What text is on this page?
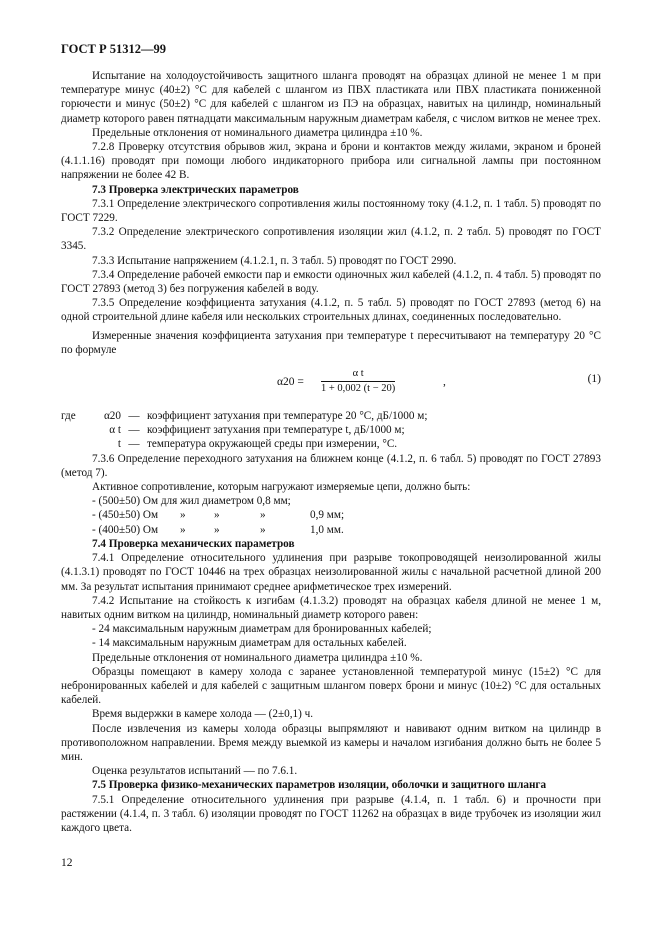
ГОСТ Р 51312—99

Испытание на холодоустойчивость защитного шланга проводят на образцах длиной не менее 1 м при температуре минус (40±2) °С для кабелей с шлангом из ПВХ пластиката или ПВХ пластиката пониженной горючести и минус (50±2) °С для кабелей с шлангом из ПЭ на образцах, навитых на цилиндр, номинальный диаметр которого равен пятнадцати максимальным наружным диаметрам кабеля, с числом витков не менее трех.

Предельные отклонения от номинального диаметра цилиндра ±10 %.

7.2.8 Проверку отсутствия обрывов жил, экрана и брони и контактов между жилами, экраном и броней (4.1.1.16) проводят при помощи любого индикаторного прибора или сигнальной лампы при постоянном напряжении не более 42 В.

7.3 Проверка электрических параметров

7.3.1 Определение электрического сопротивления жилы постоянному току (4.1.2, п. 1 табл. 5) проводят по ГОСТ 7229.

7.3.2 Определение электрического сопротивления изоляции жил (4.1.2, п. 2 табл. 5) проводят по ГОСТ 3345.

7.3.3 Испытание напряжением (4.1.2.1, п. 3 табл. 5) проводят по ГОСТ 2990.

7.3.4 Определение рабочей емкости пар и емкости одиночных жил кабелей (4.1.2, п. 4 табл. 5) проводят по ГОСТ 27893 (метод 3) без погружения кабелей в воду.

7.3.5 Определение коэффициента затухания (4.1.2, п. 5 табл. 5) проводят по ГОСТ 27893 (метод 6) на одной строительной длине кабеля или нескольких строительных длинах, соединенных последовательно.

Измеренные значения коэффициента затухания при температуре t пересчитывают на температуру 20 °С по формуле

$\alpha 20 = \frac{\text{α t}}{1 + 0,002 (t - 20)}$	,	(1)
где	α20 — коэффициент затухания при температуре 20 °С, дБ/1000 м;
α t — коэффициент затухания при температуре t, дБ/1000 м;
t — температура окружающей среды при измерении, °С.

7.3.6 Определение переходного затухания на ближнем конце (4.1.2, п. 6 табл. 5) проводят по ГОСТ 27893 (метод 7).

Активное сопротивление, которым нагружают измеряемые цепи, должно быть:

- (500±50) Ом для жил диаметром 0,8 мм;
- (450±50) Ом	»	»	»	0,9 мм;
- (400±50) Ом	»	»	»	1,0 мм.

7.4 Проверка механических параметров

7.4.1 Определение относительного удлинения при разрыве токопроводящей неизолированной жилы (4.1.3.1) проводят по ГОСТ 10446 на трех образцах неизолированной жилы с начальной расчетной длиной 200 мм. За результат испытания принимают среднее арифметическое трех измерений.

7.4.2 Испытание на стойкость к изгибам (4.1.3.2) проводят на образцах кабеля длиной не менее 1 м, навитых одним витком на цилиндр, номинальный диаметр которого равен:

- 24 максимальным наружным диаметрам для бронированных кабелей;

- 14 максимальным наружным диаметрам для остальных кабелей.

Предельные отклонения от номинального диаметра цилиндра ±10 %.

Образцы помещают в камеру холода с заранее установленной температурой минус (15±2) °С для небронированных кабелей и для кабелей с защитным шлангом поверх брони и минус (10±2) °С для остальных кабелей.

Время выдержки в камере холода — (2±0,1) ч.

После извлечения из камеры холода образцы выпрямляют и навивают одним витком на цилиндр в противоположном направлении. Время между выемкой из камеры и началом изгибания должно быть не более 5 мин.

Оценка результатов испытаний — по 7.6.1.

7.5 Проверка физико-механических параметров изоляции, оболочки и защитного шланга

7.5.1 Определение относительного удлинения при разрыве (4.1.4, п. 1 табл. 6) и прочности при растяжении (4.1.4, п. 3 табл. 6) изоляции проводят по ГОСТ 11262 на образцах в виде трубочек из изоляции жил каждого цвета.

12
